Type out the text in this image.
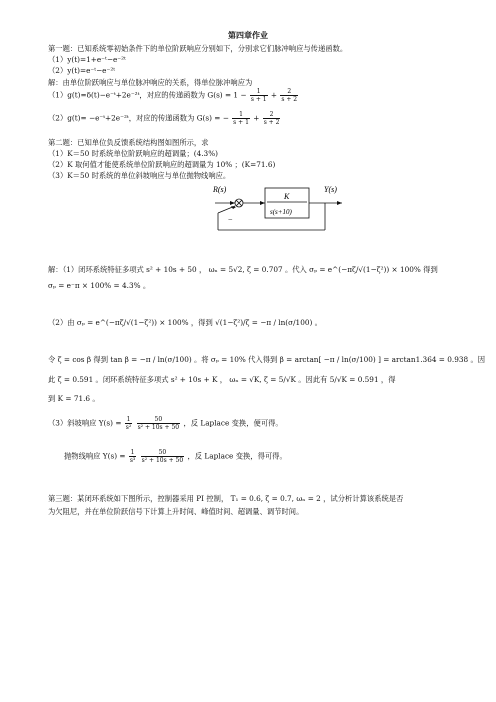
第四章作业
第一题：已知系统零初始条件下的单位阶跃响应分别如下，分别求它们脉冲响应与传递函数。
（1）y(t)=1+e⁻ᵗ−e⁻²ᵗ
（2）y(t)=e⁻ᵗ−e⁻²ᵗ
解：由单位阶跃响应与单位脉冲响应的关系，得单位脉冲响应为
（1）g(t)=δ(t)−e⁻ᵗ+2e⁻²ᵗ，对应的传递函数为 $G(s) = 1 - \frac{1}{s + 1} + \frac{2}{s + 2}$
（2）g(t)= −e⁻ᵗ+2e⁻²ᵗ，对应的传递函数为 G(s) = − $\frac{1}{s + 1} + \frac{2}{s + 2}$
第二题：已知单位负反馈系统结构图如图所示，求
（1）K＝50 时系统单位阶跃响应的超调量；(4.3%)
（2）K 取何值才能使系统单位阶跃响应的超调量为 10% ；(K=71.6)
（3）K＝50 时系统的单位斜坡响应与单位抛物线响应。
R(s)	Y(s)
K
s(s+10)
−
解：（1）闭环系统特征多项式 s² + 10s + 50 ， ωₙ = 5√2, ζ = 0.707 。代入 σₚ = e^(−πζ/√(1−ζ²)) × 100% 得到
σₚ = e⁻π × 100% = 4.3% 。
（2）由 σₚ = e^(−πζ/√(1−ζ²)) × 100% ，得到 √(1−ζ²)/ζ = −π / ln(σ/100) 。
令 ζ = cos β 得到 tan β = −π / ln(σ/100) 。将 σₚ = 10% 代入得到 β = arctan[ −π / ln(σ/100) ] = arctan1.364 = 0.938 。因
此 ζ = 0.591 。闭环系统特征多项式 s² + 10s + K ， ωₙ = √K, ζ = 5/√K 。因此有 5/√K = 0.591 ，得
到 K = 71.6 。
（3）斜坡响应 $Y(s) = \frac{1}{\text{s²}}$
$\frac{50}{\text{s² + 10s + 50}}$ ，反 Laplace 变换，便可得。
抛物线响应 $Y(s) = \frac{1}{\text{s³}}$
$\frac{50}{\text{s² + 10s + 50}}$ ，反 Laplace 变换，得可得。
第三题：某闭环系统如下图所示，控制器采用 PI 控制， T₁ = 0.6, ζ = 0.7, ωₙ = 2 ，试分析计算该系统是否
为欠阻尼，并在单位阶跃信号下计算上升时间、峰值时间、超调量、调节时间。
